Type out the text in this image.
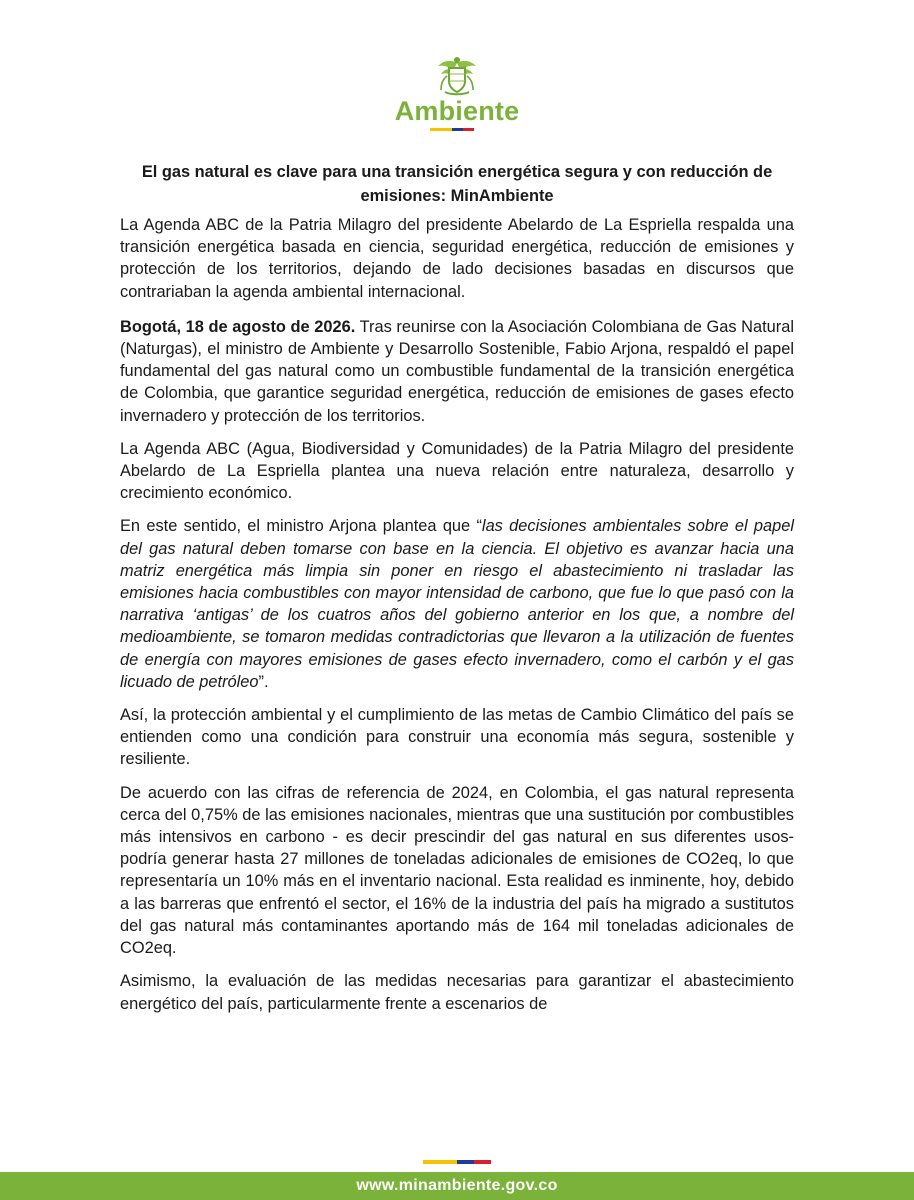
Ambiente
El gas natural es clave para una transición energética segura y con reducción de emisiones: MinAmbiente

La Agenda ABC de la Patria Milagro del presidente Abelardo de La Espriella respalda una transición energética basada en ciencia, seguridad energética, reducción de emisiones y protección de los territorios, dejando de lado decisiones basadas en discursos que contrariaban la agenda ambiental internacional.

Bogotá, 18 de agosto de 2026. Tras reunirse con la Asociación Colombiana de Gas Natural (Naturgas), el ministro de Ambiente y Desarrollo Sostenible, Fabio Arjona, respaldó el papel fundamental del gas natural como un combustible fundamental de la transición energética de Colombia, que garantice seguridad energética, reducción de emisiones de gases efecto invernadero y protección de los territorios.

La Agenda ABC (Agua, Biodiversidad y Comunidades) de la Patria Milagro del presidente Abelardo de La Espriella plantea una nueva relación entre naturaleza, desarrollo y crecimiento económico.

En este sentido, el ministro Arjona plantea que “las decisiones ambientales sobre el papel del gas natural deben tomarse con base en la ciencia. El objetivo es avanzar hacia una matriz energética más limpia sin poner en riesgo el abastecimiento ni trasladar las emisiones hacia combustibles con mayor intensidad de carbono, que fue lo que pasó con la narrativa ‘antigas’ de los cuatros años del gobierno anterior en los que, a nombre del medioambiente, se tomaron medidas contradictorias que llevaron a la utilización de fuentes de energía con mayores emisiones de gases efecto invernadero, como el carbón y el gas licuado de petróleo”.

Así, la protección ambiental y el cumplimiento de las metas de Cambio Climático del país se entienden como una condición para construir una economía más segura, sostenible y resiliente.

De acuerdo con las cifras de referencia de 2024, en Colombia, el gas natural representa cerca del 0,75% de las emisiones nacionales, mientras que una sustitución por combustibles más intensivos en carbono - es decir prescindir del gas natural en sus diferentes usos- podría generar hasta 27 millones de toneladas adicionales de emisiones de CO2eq, lo que representaría un 10% más en el inventario nacional. Esta realidad es inminente, hoy, debido a las barreras que enfrentó el sector, el 16% de la industria del país ha migrado a sustitutos del gas natural más contaminantes aportando más de 164 mil toneladas adicionales de CO2eq.

Asimismo, la evaluación de las medidas necesarias para garantizar el abastecimiento energético del país, particularmente frente a escenarios de

www.minambiente.gov.co
